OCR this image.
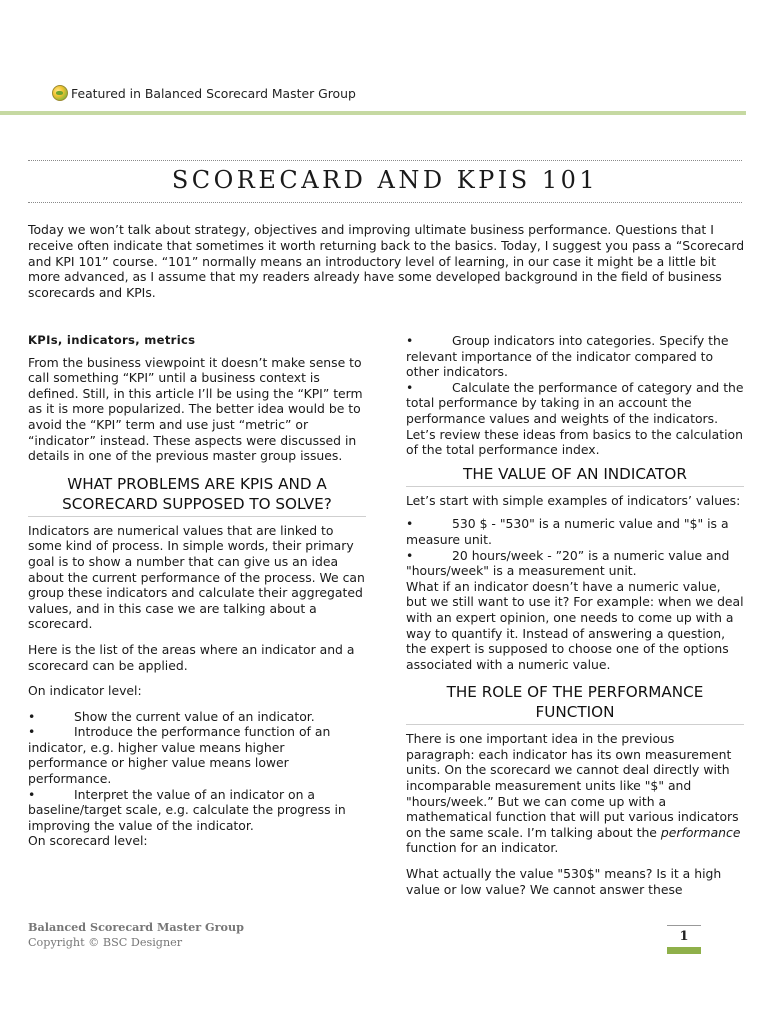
Featured in Balanced Scorecard Master Group
SCORECARD AND KPIS 101

Today we won’t talk about strategy, objectives and improving ultimate business performance. Questions that I receive often indicate that sometimes it worth returning back to the basics. Today, I suggest you pass a “Scorecard and KPI 101” course. “101” normally means an introductory level of learning, in our case it might be a little bit more advanced, as I assume that my readers already have some developed background in the field of business scorecards and KPIs.

KPIs, indicators, metrics

From the business viewpoint it doesn’t make sense to call something “KPI” until a business context is defined. Still, in this article I’ll be using the “KPI” term as it is more popularized. The better idea would be to avoid the “KPI” term and use just “metric” or “indicator” instead. These aspects were discussed in details in one of the previous master group issues.

WHAT PROBLEMS ARE KPIS AND A
SCORECARD SUPPOSED TO SOLVE?

Indicators are numerical values that are linked to some kind of process. In simple words, their primary goal is to show a number that can give us an idea about the current performance of the process. We can group these indicators and calculate their aggregated values, and in this case we are talking about a scorecard.

Here is the list of the areas where an indicator and a scorecard can be applied.

On indicator level:

•	Show the current value of an indicator.

•	Introduce the performance function of an indicator, e.g. higher value means higher performance or higher value means lower performance.

•	Interpret the value of an indicator on a baseline/target scale, e.g. calculate the progress in improving the value of the indicator.

On scorecard level:

•	Group indicators into categories. Specify the relevant importance of the indicator compared to other indicators.

•	Calculate the performance of category and the total performance by taking in an account the performance values and weights of the indicators.

Let’s review these ideas from basics to the calculation of the total performance index.

THE VALUE OF AN INDICATOR

Let’s start with simple examples of indicators’ values:

•	530 $ - "530" is a numeric value and "$" is a measure unit.

•	20 hours/week - ”20” is a numeric value and "hours/week" is a measurement unit.

What if an indicator doesn’t have a numeric value, but we still want to use it? For example: when we deal with an expert opinion, one needs to come up with a way to quantify it. Instead of answering a question, the expert is supposed to choose one of the options associated with a numeric value.

THE ROLE OF THE PERFORMANCE
FUNCTION

There is one important idea in the previous paragraph: each indicator has its own measurement units. On the scorecard we cannot deal directly with incomparable measurement units like "$" and "hours/week.” But we can come up with a mathematical function that will put various indicators on the same scale. I’m talking about the performance function for an indicator.

What actually the value "530$" means? Is it a high value or low value? We cannot answer these

Balanced Scorecard Master Group
Copyright © BSC Designer	1
